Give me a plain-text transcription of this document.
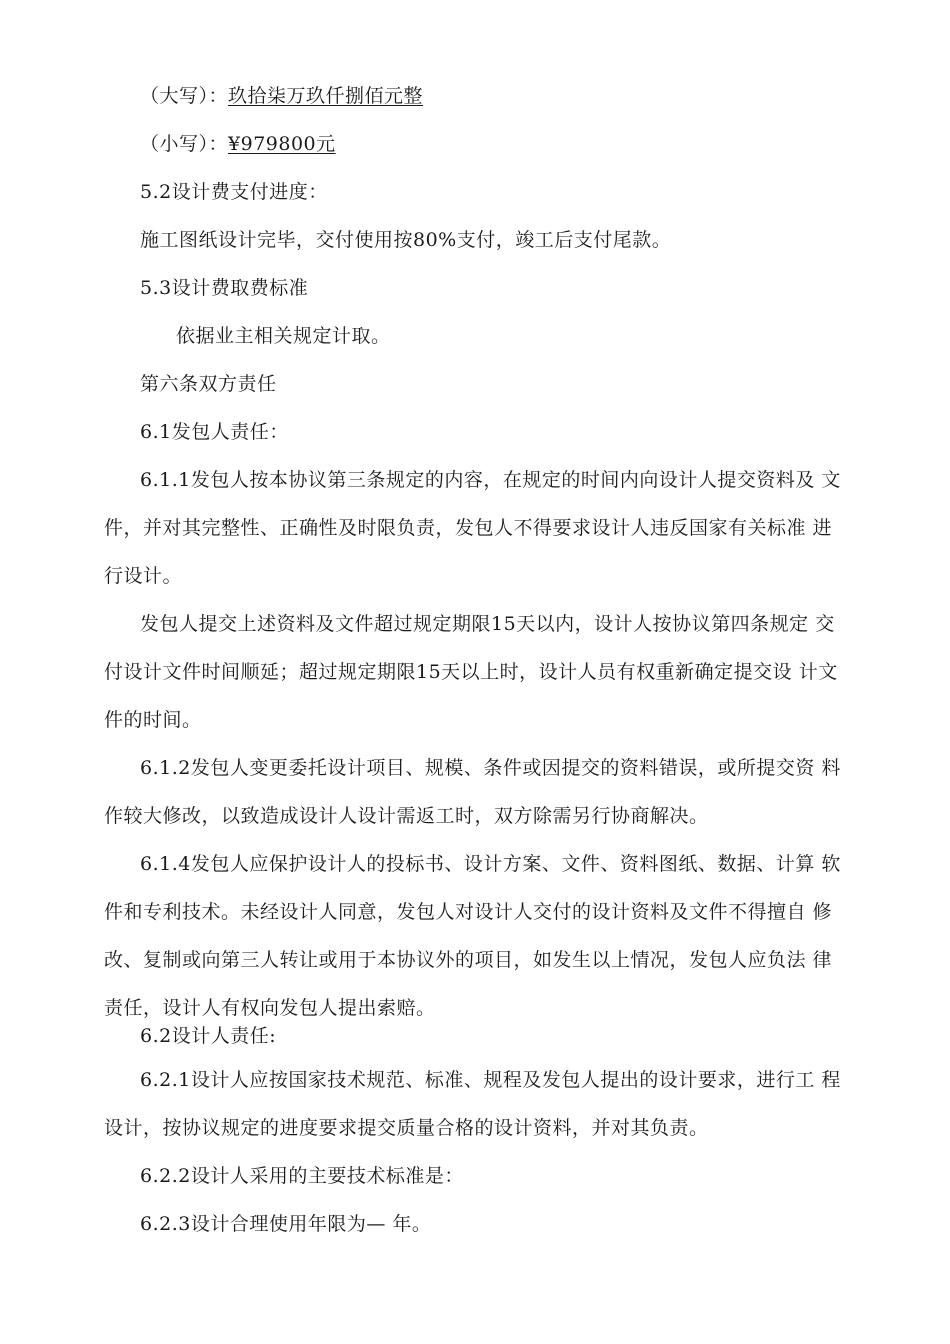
（大写）：玖拾柒万玖仟捌佰元整
（小写）：¥979800元
5.2设计费支付进度：
施工图纸设计完毕，交付使用按80%支付，竣工后支付尾款。
5.3设计费取费标准
依据业主相关规定计取。
第六条双方责任
6.1发包人责任：
6.1.1发包人按本协议第三条规定的内容，在规定的时间内向设计人提交资料及 文
件，并对其完整性、正确性及时限负责，发包人不得要求设计人违反国家有关标准 进
行设计。
发包人提交上述资料及文件超过规定期限15天以内，设计人按协议第四条规定 交
付设计文件时间顺延；超过规定期限15天以上时，设计人员有权重新确定提交设 计文
件的时间。
6.1.2发包人变更委托设计项目、规模、条件或因提交的资料错误，或所提交资 料
作较大修改，以致造成设计人设计需返工时，双方除需另行协商解决。
6.1.4发包人应保护设计人的投标书、设计方案、文件、资料图纸、数据、计算 软
件和专利技术。未经设计人同意，发包人对设计人交付的设计资料及文件不得擅自 修
改、复制或向第三人转让或用于本协议外的项目，如发生以上情况，发包人应负法 律
责任，设计人有权向发包人提出索赔。
6.2设计人责任:
6.2.1设计人应按国家技术规范、标准、规程及发包人提出的设计要求，进行工 程
设计，按协议规定的进度要求提交质量合格的设计资料，并对其负责。
6.2.2设计人采用的主要技术标准是：
6.2.3设计合理使用年限为— 年。
